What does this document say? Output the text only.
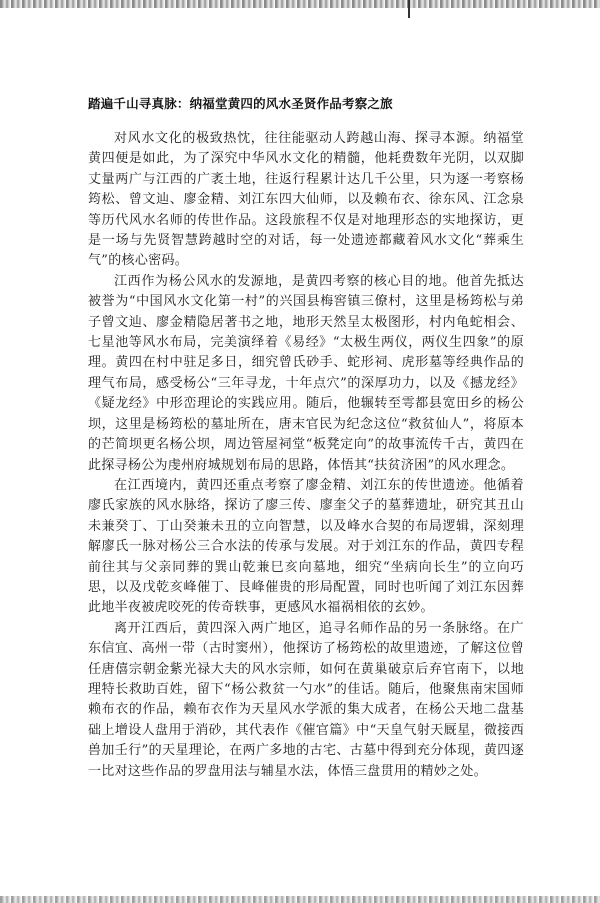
踏遍千山寻真脉：纳福堂黄四的风水圣贤作品考察之旅

对风水文化的极致热忱，往往能驱动人跨越山海、探寻本源。纳福堂黄四便是如此，为了深究中华风水文化的精髓，他耗费数年光阴，以双脚丈量两广与江西的广袤土地，往返行程累计达几千公里，只为逐一考察杨筠松、曾文辿、廖金精、刘江东四大仙师，以及赖布衣、徐东风、江念泉等历代风水名师的传世作品。这段旅程不仅是对地理形态的实地探访，更是一场与先贤智慧跨越时空的对话，每一处遗迹都藏着风水文化“葬乘生气”的核心密码。

江西作为杨公风水的发源地，是黄四考察的核心目的地。他首先抵达被誉为“中国风水文化第一村”的兴国县梅窖镇三僚村，这里是杨筠松与弟子曾文辿、廖金精隐居著书之地，地形天然呈太极图形，村内龟蛇相会、七星池等风水布局，完美演绎着《易经》“太极生两仪，两仪生四象”的原理。黄四在村中驻足多日，细究曾氏砂手、蛇形祠、虎形墓等经典作品的理气布局，感受杨公“三年寻龙，十年点穴”的深厚功力，以及《撼龙经》《疑龙经》中形峦理论的实践应用。随后，他辗转至雩都县宽田乡的杨公坝，这里是杨筠松的墓址所在，唐末官民为纪念这位“救贫仙人”，将原本的芒简坝更名杨公坝，周边管屋祠堂“板凳定向”的故事流传千古，黄四在此探寻杨公为虔州府城规划布局的思路，体悟其“扶贫济困”的风水理念。

在江西境内，黄四还重点考察了廖金精、刘江东的传世遗迹。他循着廖氏家族的风水脉络，探访了廖三传、廖奎父子的墓葬遗址，研究其丑山未兼癸丁、丁山癸兼未丑的立向智慧，以及峰水合契的布局逻辑，深刻理解廖氏一脉对杨公三合水法的传承与发展。对于刘江东的作品，黄四专程前往其与父亲同葬的巽山乾兼巳亥向墓地，细究“坐病向长生”的立向巧思，以及戊乾亥峰催丁、艮峰催贵的形局配置，同时也听闻了刘江东因葬此地半夜被虎咬死的传奇轶事，更感风水福祸相依的玄妙。

离开江西后，黄四深入两广地区，追寻名师作品的另一条脉络。在广东信宜、高州一带（古时窦州），他探访了杨筠松的故里遗迹，了解这位曾任唐僖宗朝金紫光禄大夫的风水宗师，如何在黄巢破京后弃官南下，以地理特长救助百姓，留下“杨公救贫一勺水”的佳话。随后，他聚焦南宋国师赖布衣的作品，赖布衣作为天星风水学派的集大成者，在杨公天地二盘基础上增设人盘用于消砂，其代表作《催官篇》中“天皇气射天厩星，微接西兽加壬行”的天星理论，在两广多地的古宅、古墓中得到充分体现，黄四逐一比对这些作品的罗盘用法与辅星水法，体悟三盘贯用的精妙之处。
